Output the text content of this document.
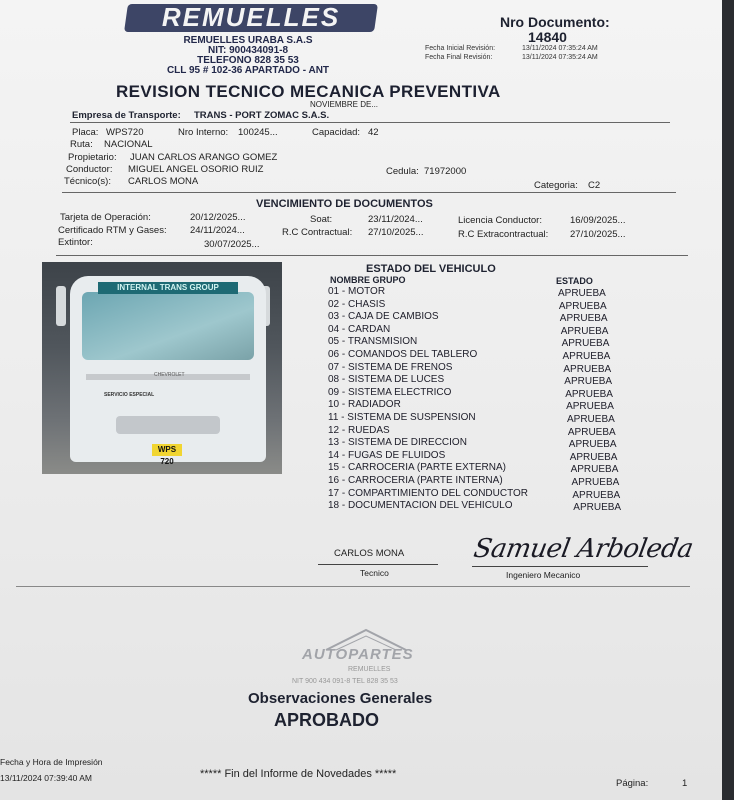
REMUELLES
REMUELLES URABA S.A.S
NIT: 900434091-8
TELEFONO 828 35 53
CLL 95 # 102-36 APARTADO - ANT
Nro Documento:
14840
Fecha Inicial Revisión:	13/11/2024 07:35:24 AM
Fecha Final Revisión:	13/11/2024 07:35:24 AM
REVISION TECNICO MECANICA PREVENTIVA
NOVIEMBRE DE...
Empresa de Transporte: TRANS - PORT ZOMAC S.A.S.
Placa: WPS720	Nro Interno: 100245...	Capacidad: 42
Ruta: NACIONAL
Propietario: JUAN CARLOS ARANGO GOMEZ
Conductor: MIGUEL ANGEL OSORIO RUIZ	Cedula: 71972000
Técnico(s): CARLOS MONA	Categoria: C2
VENCIMIENTO DE DOCUMENTOS
Tarjeta de Operación:	20/12/2025...	Soat:	23/11/2024...	Licencia Conductor:	16/09/2025...
Certificado RTM y Gases: 24/11/2024...	R.C Contractual: 27/10/2025...	R.C Extracontractual: 27/10/2025...
Extintor:	30/07/2025...
INTERNAL TRANS GROUP
CHEVROLET
SERVICIO ESPECIAL
WPS 720
ESTADO DEL VEHICULO
NOMBRE GRUPO	ESTADO
01 - MOTOR	APRUEBA
02 - CHASIS	APRUEBA
03 - CAJA DE CAMBIOS	APRUEBA
04 - CARDAN	APRUEBA
05 - TRANSMISION	APRUEBA
06 - COMANDOS DEL TABLERO	APRUEBA
07 - SISTEMA DE FRENOS	APRUEBA
08 - SISTEMA DE LUCES	APRUEBA
09 - SISTEMA ELECTRICO	APRUEBA
10 - RADIADOR	APRUEBA
11 - SISTEMA DE SUSPENSION	APRUEBA
12 - RUEDAS	APRUEBA
13 - SISTEMA DE DIRECCION	APRUEBA
14 - FUGAS DE FLUIDOS	APRUEBA
15 - CARROCERIA (PARTE EXTERNA)	APRUEBA
16 - CARROCERIA (PARTE INTERNA)	APRUEBA
17 - COMPARTIMIENTO DEL CONDUCTOR	APRUEBA
18 - DOCUMENTACION DEL VEHICULO	APRUEBA
CARLOS MONA
Tecnico
Samuel Arboleda
Ingeniero Mecanico
AUTOPARTES
REMUELLES
NIT 900 434 091-8 TEL 828 35 53
Observaciones Generales
APROBADO
Fecha y Hora de Impresión
13/11/2024 07:39:40 AM	***** Fin del Informe de Novedades *****
Página:	1
